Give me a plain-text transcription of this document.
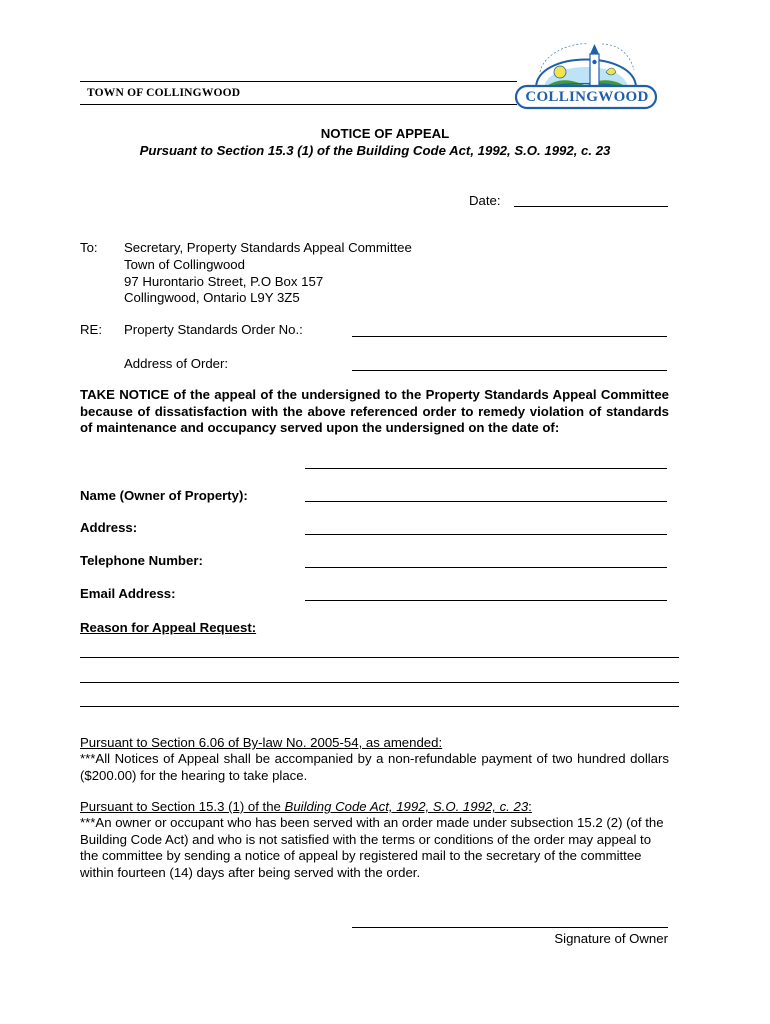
TOWN OF COLLINGWOOD	COLLINGWOOD
NOTICE OF APPEAL
Pursuant to Section 15.3 (1) of the Building Code Act, 1992, S.O. 1992, c. 23
Date:
To: Secretary, Property Standards Appeal Committee
Town of Collingwood
97 Hurontario Street, P.O Box 157
Collingwood, Ontario L9Y 3Z5
RE: Property Standards Order No.:
Address of Order:
TAKE NOTICE of the appeal of the undersigned to the Property Standards Appeal Committee because of dissatisfaction with the above referenced order to remedy violation of standards of maintenance and occupancy served upon the undersigned on the date of:
Name (Owner of Property):
Address:
Telephone Number:
Email Address:
Reason for Appeal Request:
Pursuant to Section 6.06 of By-law No. 2005-54, as amended:
***All Notices of Appeal shall be accompanied by a non-refundable payment of two hundred dollars ($200.00) for the hearing to take place.
Pursuant to Section 15.3 (1) of the Building Code Act, 1992, S.O. 1992, c. 23:
***An owner or occupant who has been served with an order made under subsection 15.2 (2) (of the Building Code Act) and who is not satisfied with the terms or conditions of the order may appeal to the committee by sending a notice of appeal by registered mail to the secretary of the committee within fourteen (14) days after being served with the order.
Signature of Owner
